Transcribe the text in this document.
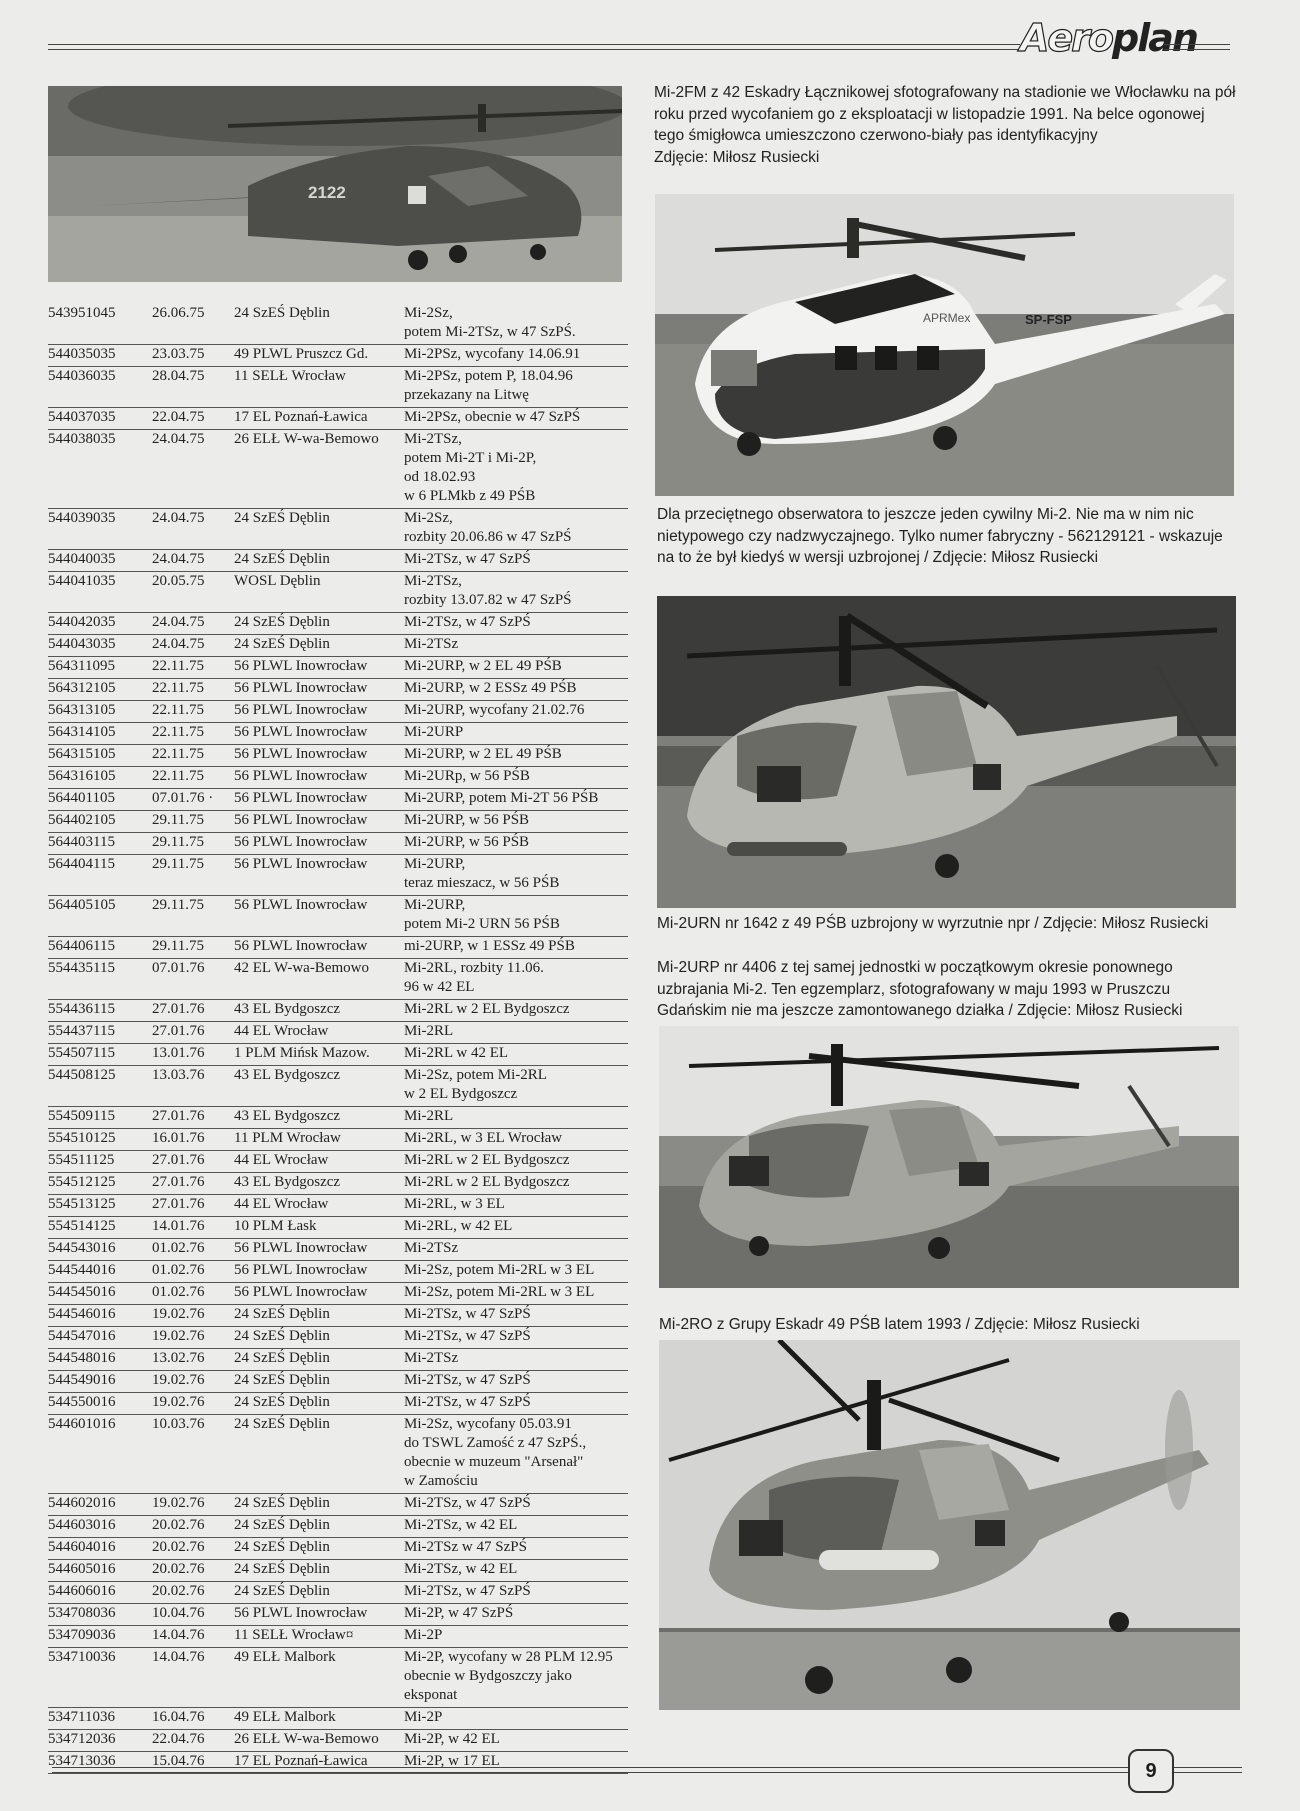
Aeroplan
2122
Mi-2FM z 42 Eskadry Łącznikowej sfotografowany na stadionie we Włocławku na pół roku przed wycofaniem go z eksploatacji w listopadzie 1991. Na belce ogonowej tego śmigłowca umieszczono czerwono-biały pas identyfikacyjny
Zdjęcie: Miłosz Rusiecki
APRMex	SP-FSP
Dla przeciętnego obserwatora to jeszcze jeden cywilny Mi-2. Nie ma w nim nic nietypowego czy nadzwyczajnego. Tylko numer fabryczny - 562129121 - wskazuje na to że był kiedyś w wersji uzbrojonej / Zdjęcie: Miłosz Rusiecki
Mi-2URN nr 1642 z 49 PŚB uzbrojony w wyrzutnie npr / Zdjęcie: Miłosz Rusiecki
Mi-2URP nr 4406 z tej samej jednostki w początkowym okresie ponownego uzbrajania Mi-2. Ten egzemplarz, sfotografowany w maju 1993 w Pruszczu Gdańskim nie ma jeszcze zamontowanego działka / Zdjęcie: Miłosz Rusiecki
Mi-2RO z Grupy Eskadr 49 PŚB latem 1993 / Zdjęcie: Miłosz Rusiecki
543951045	26.06.75	24 SzEŚ Dęblin	Mi-2Sz,
potem Mi-2TSz, w 47 SzPŚ.
544035035	23.03.75	49 PLWL Pruszcz Gd.	Mi-2PSz, wycofany 14.06.91
544036035	28.04.75	11 SELŁ Wrocław	Mi-2PSz, potem P, 18.04.96
przekazany na Litwę
544037035	22.04.75	17 EL Poznań-Ławica	Mi-2PSz, obecnie w 47 SzPŚ
544038035	24.04.75	26 ELŁ W-wa-Bemowo	Mi-2TSz,
potem Mi-2T i Mi-2P,
od 18.02.93
w 6 PLMkb z 49 PŚB
544039035	24.04.75	24 SzEŚ Dęblin	Mi-2Sz,
rozbity 20.06.86 w 47 SzPŚ
544040035	24.04.75	24 SzEŚ Dęblin	Mi-2TSz, w 47 SzPŚ
544041035	20.05.75	WOSL Dęblin	Mi-2TSz,
rozbity 13.07.82 w 47 SzPŚ
544042035	24.04.75	24 SzEŚ Dęblin	Mi-2TSz, w 47 SzPŚ
544043035	24.04.75	24 SzEŚ Dęblin	Mi-2TSz
564311095	22.11.75	56 PLWL Inowrocław	Mi-2URP, w 2 EL 49 PŚB
564312105	22.11.75	56 PLWL Inowrocław	Mi-2URP, w 2 ESSz 49 PŚB
564313105	22.11.75	56 PLWL Inowrocław	Mi-2URP, wycofany 21.02.76
564314105	22.11.75	56 PLWL Inowrocław	Mi-2URP
564315105	22.11.75	56 PLWL Inowrocław	Mi-2URP, w 2 EL 49 PŚB
564316105	22.11.75	56 PLWL Inowrocław	Mi-2URp, w 56 PŚB
564401105	07.01.76 ·	56 PLWL Inowrocław	Mi-2URP, potem Mi-2T 56 PŚB
564402105	29.11.75	56 PLWL Inowrocław	Mi-2URP, w 56 PŚB
564403115	29.11.75	56 PLWL Inowrocław	Mi-2URP, w 56 PŚB
564404115	29.11.75	56 PLWL Inowrocław	Mi-2URP,
teraz mieszacz, w 56 PŚB
564405105	29.11.75	56 PLWL Inowrocław	Mi-2URP,
potem Mi-2 URN 56 PŚB
564406115	29.11.75	56 PLWL Inowrocław	mi-2URP, w 1 ESSz 49 PŚB
554435115	07.01.76	42 EL W-wa-Bemowo	Mi-2RL, rozbity 11.06.
96 w 42 EL
554436115	27.01.76	43 EL Bydgoszcz	Mi-2RL w 2 EL Bydgoszcz
554437115	27.01.76	44 EL Wrocław	Mi-2RL
554507115	13.01.76	1 PLM Mińsk Mazow.	Mi-2RL w 42 EL
544508125	13.03.76	43 EL Bydgoszcz	Mi-2Sz, potem Mi-2RL
w 2 EL Bydgoszcz
554509115	27.01.76	43 EL Bydgoszcz	Mi-2RL
554510125	16.01.76	11 PLM Wrocław	Mi-2RL, w 3 EL Wrocław
554511125	27.01.76	44 EL Wrocław	Mi-2RL w 2 EL Bydgoszcz
554512125	27.01.76	43 EL Bydgoszcz	Mi-2RL w 2 EL Bydgoszcz
554513125	27.01.76	44 EL Wrocław	Mi-2RL, w 3 EL
554514125	14.01.76	10 PLM Łask	Mi-2RL, w 42 EL
544543016	01.02.76	56 PLWL Inowrocław	Mi-2TSz
544544016	01.02.76	56 PLWL Inowrocław	Mi-2Sz, potem Mi-2RL w 3 EL
544545016	01.02.76	56 PLWL Inowrocław	Mi-2Sz, potem Mi-2RL w 3 EL
544546016	19.02.76	24 SzEŚ Dęblin	Mi-2TSz, w 47 SzPŚ
544547016	19.02.76	24 SzEŚ Dęblin	Mi-2TSz, w 47 SzPŚ
544548016	13.02.76	24 SzEŚ Dęblin	Mi-2TSz
544549016	19.02.76	24 SzEŚ Dęblin	Mi-2TSz, w 47 SzPŚ
544550016	19.02.76	24 SzEŚ Dęblin	Mi-2TSz, w 47 SzPŚ
544601016	10.03.76	24 SzEŚ Dęblin	Mi-2Sz, wycofany 05.03.91
do TSWL Zamość z 47 SzPŚ.,
obecnie w muzeum "Arsenał"
w Zamościu
544602016	19.02.76	24 SzEŚ Dęblin	Mi-2TSz, w 47 SzPŚ
544603016	20.02.76	24 SzEŚ Dęblin	Mi-2TSz, w 42 EL
544604016	20.02.76	24 SzEŚ Dęblin	Mi-2TSz w 47 SzPŚ
544605016	20.02.76	24 SzEŚ Dęblin	Mi-2TSz, w 42 EL
544606016	20.02.76	24 SzEŚ Dęblin	Mi-2TSz, w 47 SzPŚ
534708036	10.04.76	56 PLWL Inowrocław	Mi-2P, w 47 SzPŚ
534709036	14.04.76	11 SELŁ Wrocław¤	Mi-2P
534710036	14.04.76	49 ELŁ Malbork	Mi-2P, wycofany w 28 PLM 12.95
obecnie w Bydgoszczy jako
eksponat
534711036	16.04.76	49 ELŁ Malbork	Mi-2P
534712036	22.04.76	26 ELŁ W-wa-Bemowo	Mi-2P, w 42 EL
534713036	15.04.76	17 EL Poznań-Ławica	Mi-2P, w 17 EL	9
